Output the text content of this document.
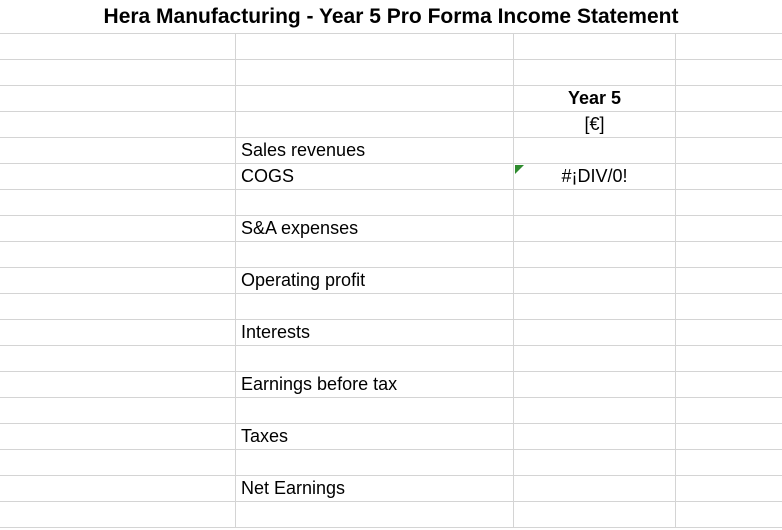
Hera Manufacturing - Year 5 Pro Forma Income Statement
Year 5
[€]
Sales revenues
COGS	#¡DIV/0!
S&A expenses
Operating profit
Interests
Earnings before tax
Taxes
Net Earnings
